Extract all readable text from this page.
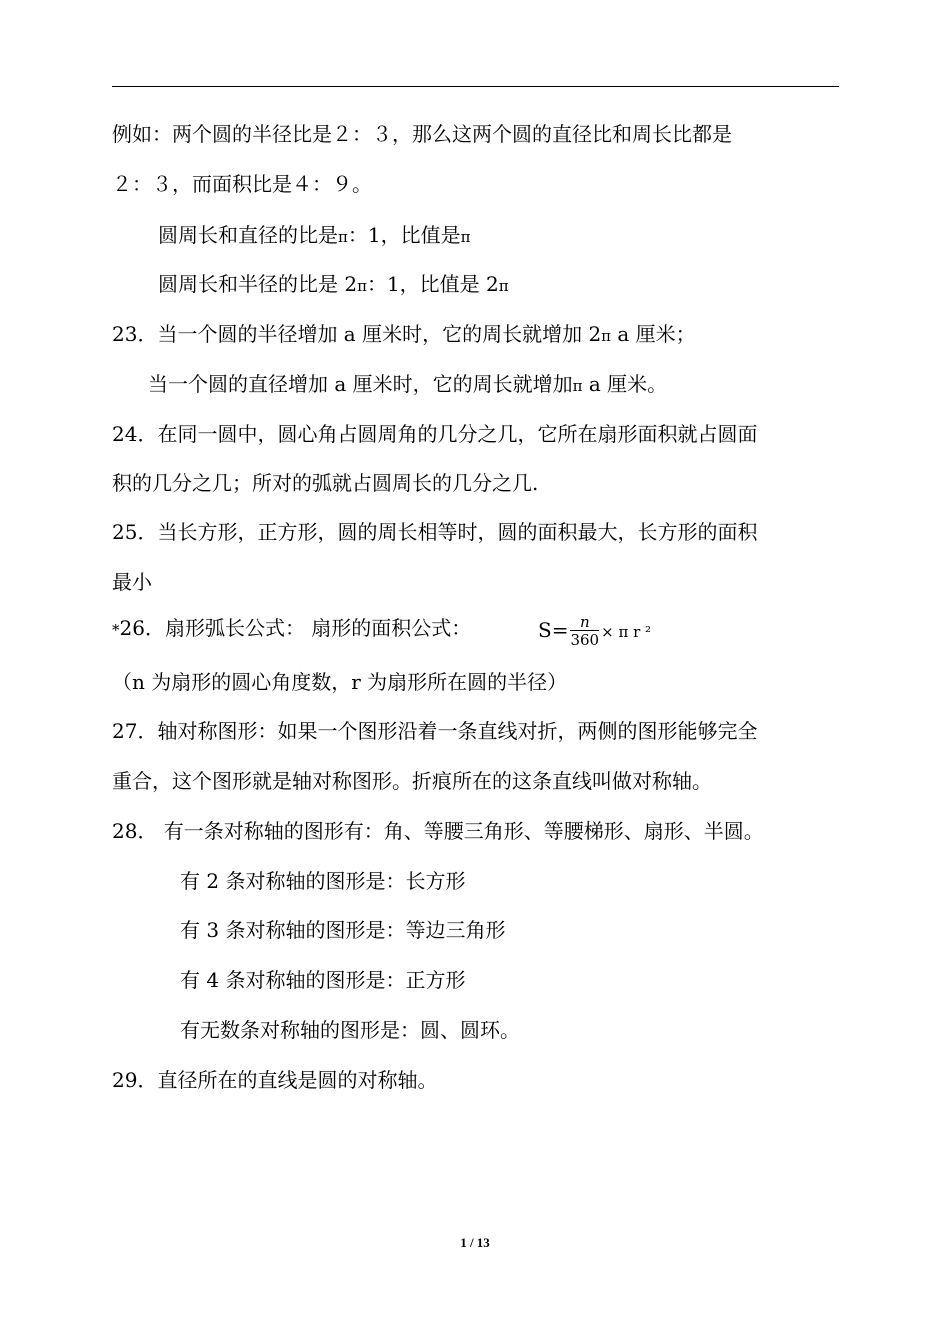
例如：两个圆的半径比是２：３，那么这两个圆的直径比和周长比都是
２：３，而面积比是４：９。
圆周长和直径的比是π：1，比值是π
圆周长和半径的比是 2π：1，比值是 2π
23．当一个圆的半径增加 a 厘米时，它的周长就增加 2π a 厘米；
当一个圆的直径增加 a 厘米时，它的周长就增加π a 厘米。
24．在同一圆中，圆心角占圆周角的几分之几，它所在扇形面积就占圆面
积的几分之几；所对的弧就占圆周长的几分之几.
25．当长方形，正方形，圆的周长相等时，圆的面积最大，长方形的面积
最小
*26．扇形弧长公式： 扇形的面积公式：	$S= \frac{n}{360} \times \pi$ r ²
（n 为扇形的圆心角度数，r 为扇形所在圆的半径）
27．轴对称图形：如果一个图形沿着一条直线对折，两侧的图形能够完全
重合，这个图形就是轴对称图形。折痕所在的这条直线叫做对称轴。
28． 有一条对称轴的图形有：角、等腰三角形、等腰梯形、扇形、半圆。
有 2 条对称轴的图形是：长方形
有 3 条对称轴的图形是：等边三角形
有 4 条对称轴的图形是：正方形
有无数条对称轴的图形是：圆、圆环。
29．直径所在的直线是圆的对称轴。
1 / 13
